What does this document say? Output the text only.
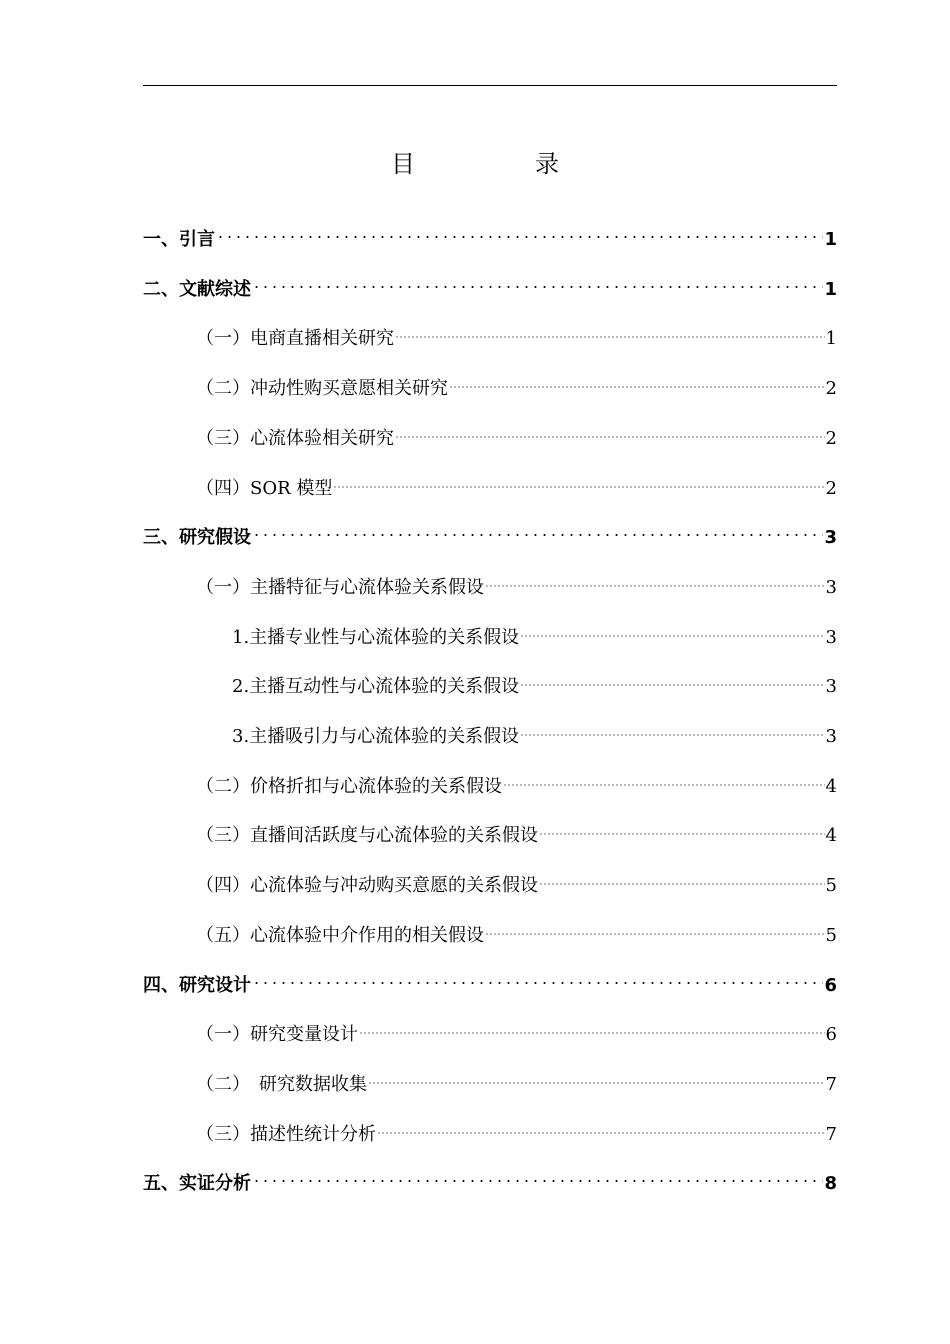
目　录
一、引言	1
二、文献综述	1
（一）电商直播相关研究	1
（二）冲动性购买意愿相关研究	2
（三）心流体验相关研究	2
（四）SOR 模型	2
三、研究假设	3
（一）主播特征与心流体验关系假设	3
1.主播专业性与心流体验的关系假设	3
2.主播互动性与心流体验的关系假设	3
3.主播吸引力与心流体验的关系假设	3
（二）价格折扣与心流体验的关系假设	4
（三）直播间活跃度与心流体验的关系假设	4
（四）心流体验与冲动购买意愿的关系假设	5
（五）心流体验中介作用的相关假设	5
四、研究设计	6
（一）研究变量设计	6
（二）　研究数据收集	7
（三）描述性统计分析	7
五、实证分析	8
